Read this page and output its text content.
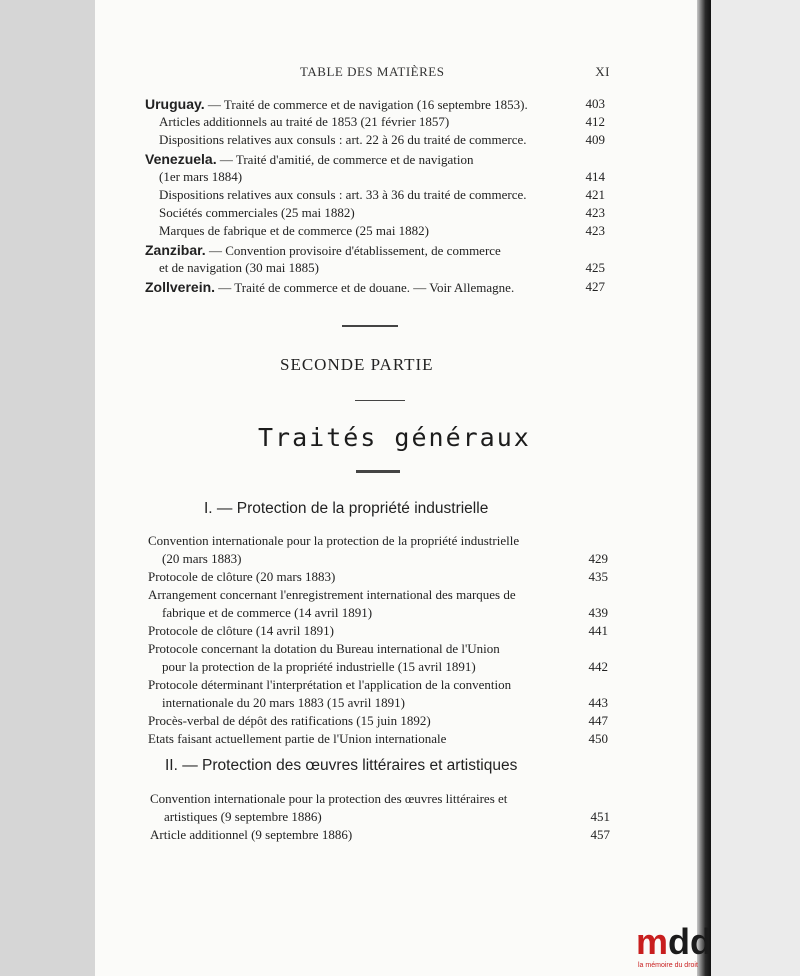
TABLE DES MATIÈRES	XI
Uruguay. — Traité de commerce et de navigation (16 septembre 1853).	403
Articles additionnels au traité de 1853 (21 février 1857)	412
Dispositions relatives aux consuls : art. 22 à 26 du traité de commerce.	409
Venezuela. — Traité d'amitié, de commerce et de navigation
(1er mars 1884)	414
Dispositions relatives aux consuls : art. 33 à 36 du traité de commerce.	421
Sociétés commerciales (25 mai 1882)	423
Marques de fabrique et de commerce (25 mai 1882)	423
Zanzibar. — Convention provisoire d'établissement, de commerce
et de navigation (30 mai 1885)	425
Zollverein. — Traité de commerce et de douane. — Voir Allemagne.	427
SECONDE PARTIE
Traités généraux
I. — Protection de la propriété industrielle
Convention internationale pour la protection de la propriété industrielle
(20 mars 1883)	429
Protocole de clôture (20 mars 1883)	435
Arrangement concernant l'enregistrement international des marques de
fabrique et de commerce (14 avril 1891)	439
Protocole de clôture (14 avril 1891)	441
Protocole concernant la dotation du Bureau international de l'Union
pour la protection de la propriété industrielle (15 avril 1891)	442
Protocole déterminant l'interprétation et l'application de la convention
internationale du 20 mars 1883 (15 avril 1891)	443
Procès-verbal de dépôt des ratifications (15 juin 1892)	447
Etats faisant actuellement partie de l'Union internationale	450
II. — Protection des œuvres littéraires et artistiques
Convention internationale pour la protection des œuvres littéraires et
artistiques (9 septembre 1886)	451
Article additionnel (9 septembre 1886)	457
mdd
la mémoire du droit
